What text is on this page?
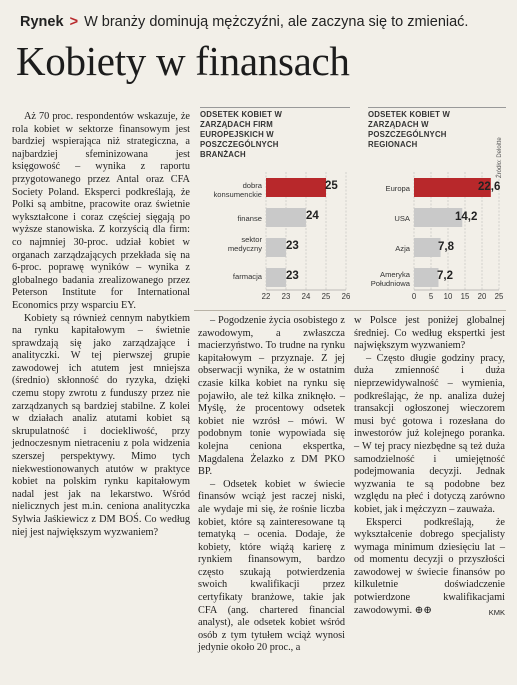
Rynek > W branży dominują mężczyźni, ale zaczyna się to zmieniać.
Kobiety w finansach

Aż 70 proc. respondentów wskazuje, że rola kobiet w sektorze finansowym jest bardziej wspierająca niż strategiczna, a najbardziej sfeminizowana jest księgowość – wynika z raportu przygotowanego przez Antal oraz CFA Society Poland. Eksperci podkreślają, że Polki są ambitne, pracowite oraz świetnie wykształcone i coraz częściej sięgają po wyższe stanowiska. Z korzyścią dla firm: co najmniej 30-proc. udział kobiet w organach zarządzających przekłada się na 6-proc. poprawę wyników – wynika z globalnego badania zrealizowanego przez Peterson Institute for International Economics przy wsparciu EY.

Kobiety są również cennym nabytkiem na rynku kapitałowym – świetnie sprawdzają się jako zarządzające i analityczki. W tej pierwszej grupie zawodowej ich atutem jest mniejsza (średnio) skłonność do ryzyka, dzięki czemu stopy zwrotu z funduszy przez nie zarządzanych są bardziej stabilne. Z kolei w działach analiz atutami kobiet są skrupulatność i dociekliwość, przy jednoczesnym nietraceniu z pola widzenia szerszej perspektywy. Mimo tych niekwestionowanych atutów w praktyce kobiet na polskim rynku kapitałowym nadal jest jak na lekarstwo. Wśród nielicznych jest m.in. ceniona analityczka Sylwia Jaśkiewicz z DM BOŚ. Co według niej jest największym wyzwaniem?

ODSETEK KOBIET W ZARZĄDACH FIRM EUROPEJSKICH W POSZCZEGÓLNYCH BRANŻACH
dobra konsumenckie
finanse
sektor medyczny
farmacja
25
24
23
23
22	23	24	25	26
ODSETEK KOBIET W ZARZĄDACH W POSZCZEGÓLNYCH REGIONACH
Europa
USA
Azja
Ameryka Południowa
22,6
14,2
7,8
7,2
0	5	10	15	20	25
Źródło: Deloitte

– Pogodzenie życia osobistego z zawodowym, a zwłaszcza macierzyństwo. To trudne na rynku kapitałowym – przyznaje. Z jej obserwacji wynika, że w ostatnim czasie kilka kobiet na rynku się pojawiło, ale też kilka zniknęło. – Myślę, że procentowy odsetek kobiet nie wzrósł – mówi. W podobnym tonie wypowiada się kolejna ceniona ekspertka, Magdalena Żelazko z DM PKO BP.

– Odsetek kobiet w świecie finansów wciąż jest raczej niski, ale wydaje mi się, że rośnie liczba kobiet, które są zainteresowane tą tematyką – ocenia. Dodaje, że kobiety, które wiążą karierę z rynkiem finansowym, bardzo często szukają potwierdzenia swoich kwalifikacji przez certyfikaty branżowe, takie jak CFA (ang. chartered financial analyst), ale odsetek kobiet wśród osób z tym tytułem wciąż wynosi jedynie około 20 proc., a

w Polsce jest poniżej globalnej średniej. Co według ekspertki jest największym wyzwaniem?

– Często długie godziny pracy, duża zmienność i duża nieprzewidywalność – wymienia, podkreślając, że np. analiza dużej transakcji ogłoszonej wieczorem musi być gotowa i rozesłana do inwestorów już kolejnego poranka. – W tej pracy niezbędne są też duża samodzielność i umiejętność podejmowania decyzji. Jednak wyzwania te są podobne bez względu na płeć i dotyczą zarówno kobiet, jak i mężczyzn – zauważa.

Eksperci podkreślają, że wykształcenie dobrego specjalisty wymaga minimum dziesięciu lat – od momentu decyzji o przyszłości zawodowej w świecie finansów po kilkuletnie doświadczenie potwierdzone kwalifikacjami zawodowymi. ⊕⊕	KMK
